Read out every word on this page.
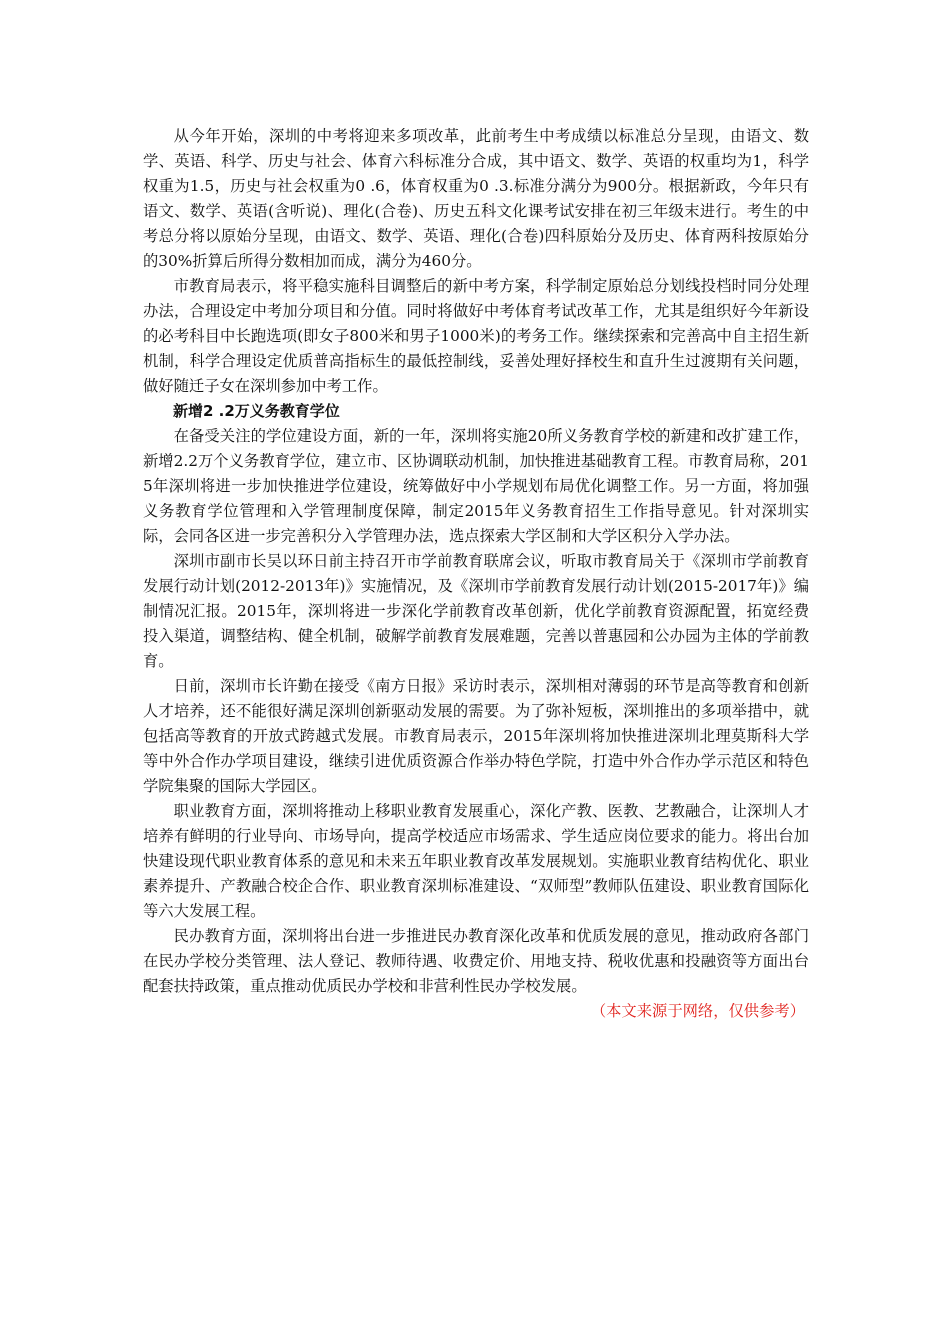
从今年开始，深圳的中考将迎来多项改革，此前考生中考成绩以标准总分呈现，由语文、数学、英语、科学、历史与社会、体育六科标准分合成，其中语文、数学、英语的权重均为1，科学权重为1.5，历史与社会权重为0 .6，体育权重为0 .3.标准分满分为900分。根据新政，今年只有语文、数学、英语(含听说)、理化(合卷)、历史五科文化课考试安排在初三年级末进行。考生的中考总分将以原始分呈现，由语文、数学、英语、理化(合卷)四科原始分及历史、体育两科按原始分的30%折算后所得分数相加而成，满分为460分。

市教育局表示，将平稳实施科目调整后的新中考方案，科学制定原始总分划线投档时同分处理办法，合理设定中考加分项目和分值。同时将做好中考体育考试改革工作，尤其是组织好今年新设的必考科目中长跑选项(即女子800米和男子1000米)的考务工作。继续探索和完善高中自主招生新机制，科学合理设定优质普高指标生的最低控制线，妥善处理好择校生和直升生过渡期有关问题，做好随迁子女在深圳参加中考工作。

新增2 .2万义务教育学位

在备受关注的学位建设方面，新的一年，深圳将实施20所义务教育学校的新建和改扩建工作，新增2.2万个义务教育学位，建立市、区协调联动机制，加快推进基础教育工程。市教育局称，2015年深圳将进一步加快推进学位建设，统筹做好中小学规划布局优化调整工作。另一方面，将加强义务教育学位管理和入学管理制度保障，制定2015年义务教育招生工作指导意见。针对深圳实际，会同各区进一步完善积分入学管理办法，选点探索大学区制和大学区积分入学办法。

深圳市副市长吴以环日前主持召开市学前教育联席会议，听取市教育局关于《深圳市学前教育发展行动计划(2012-2013年)》实施情况，及《深圳市学前教育发展行动计划(2015-2017年)》编制情况汇报。2015年，深圳将进一步深化学前教育改革创新，优化学前教育资源配置，拓宽经费投入渠道，调整结构、健全机制，破解学前教育发展难题，完善以普惠园和公办园为主体的学前教育。

日前，深圳市长许勤在接受《南方日报》采访时表示，深圳相对薄弱的环节是高等教育和创新人才培养，还不能很好满足深圳创新驱动发展的需要。为了弥补短板，深圳推出的多项举措中，就包括高等教育的开放式跨越式发展。市教育局表示，2015年深圳将加快推进深圳北理莫斯科大学等中外合作办学项目建设，继续引进优质资源合作举办特色学院，打造中外合作办学示范区和特色学院集聚的国际大学园区。

职业教育方面，深圳将推动上移职业教育发展重心，深化产教、医教、艺教融合，让深圳人才培养有鲜明的行业导向、市场导向，提高学校适应市场需求、学生适应岗位要求的能力。将出台加快建设现代职业教育体系的意见和未来五年职业教育改革发展规划。实施职业教育结构优化、职业素养提升、产教融合校企合作、职业教育深圳标准建设、“双师型”教师队伍建设、职业教育国际化等六大发展工程。

民办教育方面，深圳将出台进一步推进民办教育深化改革和优质发展的意见，推动政府各部门在民办学校分类管理、法人登记、教师待遇、收费定价、用地支持、税收优惠和投融资等方面出台配套扶持政策，重点推动优质民办学校和非营利性民办学校发展。

（本文来源于网络，仅供参考）
